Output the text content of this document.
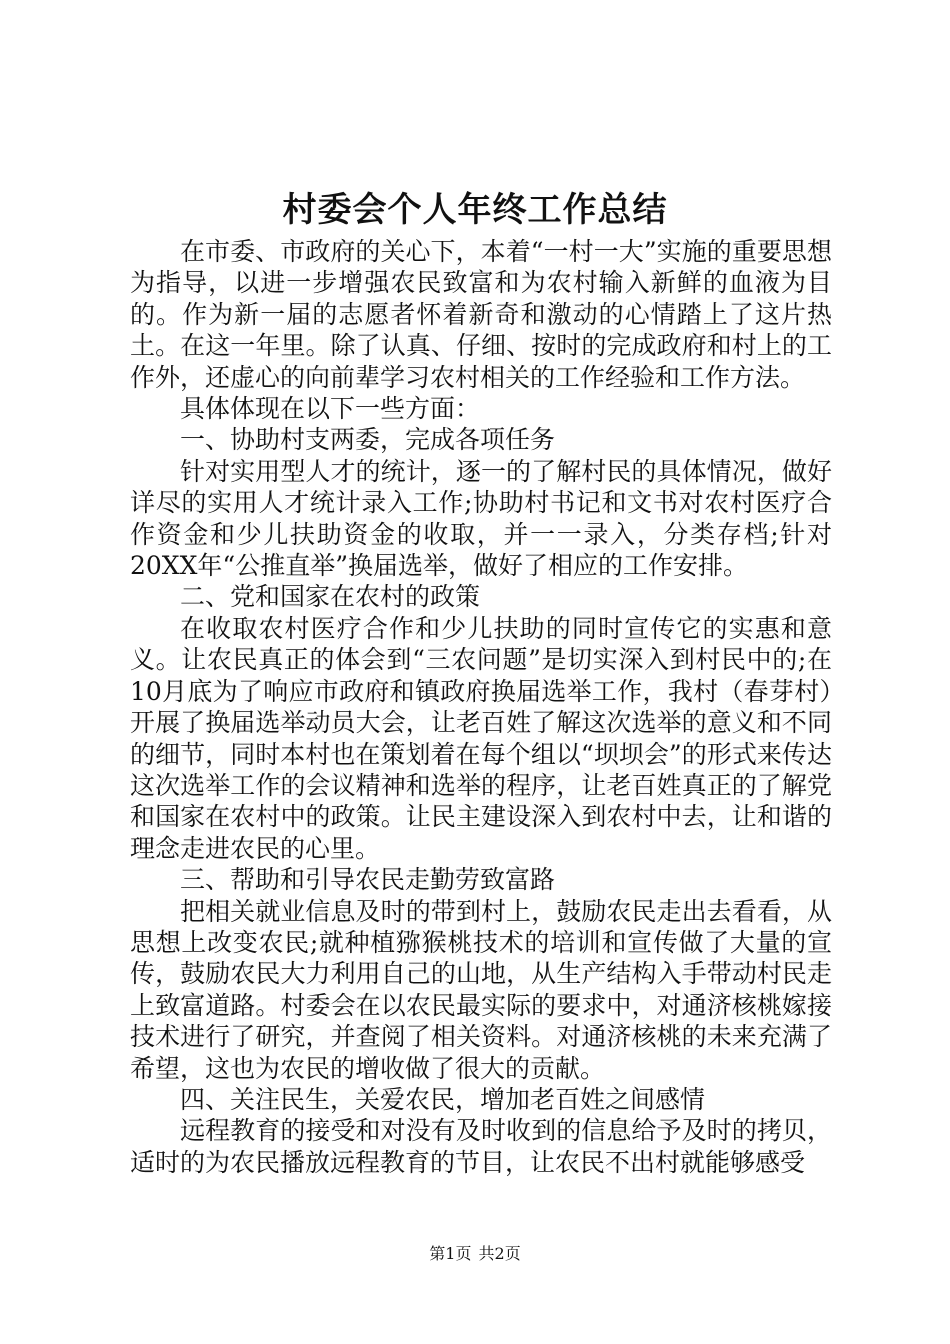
村委会个人年终工作总结

在市委、市政府的关心下，本着“一村一大”实施的重要思想为指导，以进一步增强农民致富和为农村输入新鲜的血液为目的。作为新一届的志愿者怀着新奇和激动的心情踏上了这片热土。在这一年里。除了认真、仔细、按时的完成政府和村上的工作外，还虚心的向前辈学习农村相关的工作经验和工作方法。

具体体现在以下一些方面：

一、协助村支两委，完成各项任务

针对实用型人才的统计，逐一的了解村民的具体情况，做好详尽的实用人才统计录入工作;协助村书记和文书对农村医疗合作资金和少儿扶助资金的收取，并一一录入，分类存档;针对20XX年“公推直举”换届选举，做好了相应的工作安排。

二、党和国家在农村的政策

在收取农村医疗合作和少儿扶助的同时宣传它的实惠和意义。让农民真正的体会到“三农问题”是切实深入到村民中的;在10月底为了响应市政府和镇政府换届选举工作，我村（春芽村）开展了换届选举动员大会，让老百姓了解这次选举的意义和不同的细节，同时本村也在策划着在每个组以“坝坝会”的形式来传达这次选举工作的会议精神和选举的程序，让老百姓真正的了解党和国家在农村中的政策。让民主建设深入到农村中去，让和谐的理念走进农民的心里。

三、帮助和引导农民走勤劳致富路

把相关就业信息及时的带到村上，鼓励农民走出去看看，从思想上改变农民;就种植猕猴桃技术的培训和宣传做了大量的宣传，鼓励农民大力利用自己的山地，从生产结构入手带动村民走上致富道路。村委会在以农民最实际的要求中，对通济核桃嫁接技术进行了研究，并查阅了相关资料。对通济核桃的未来充满了希望，这也为农民的增收做了很大的贡献。

四、关注民生，关爱农民，增加老百姓之间感情

远程教育的接受和对没有及时收到的信息给予及时的拷贝，适时的为农民播放远程教育的节目，让农民不出村就能够感受

第1页 共2页
